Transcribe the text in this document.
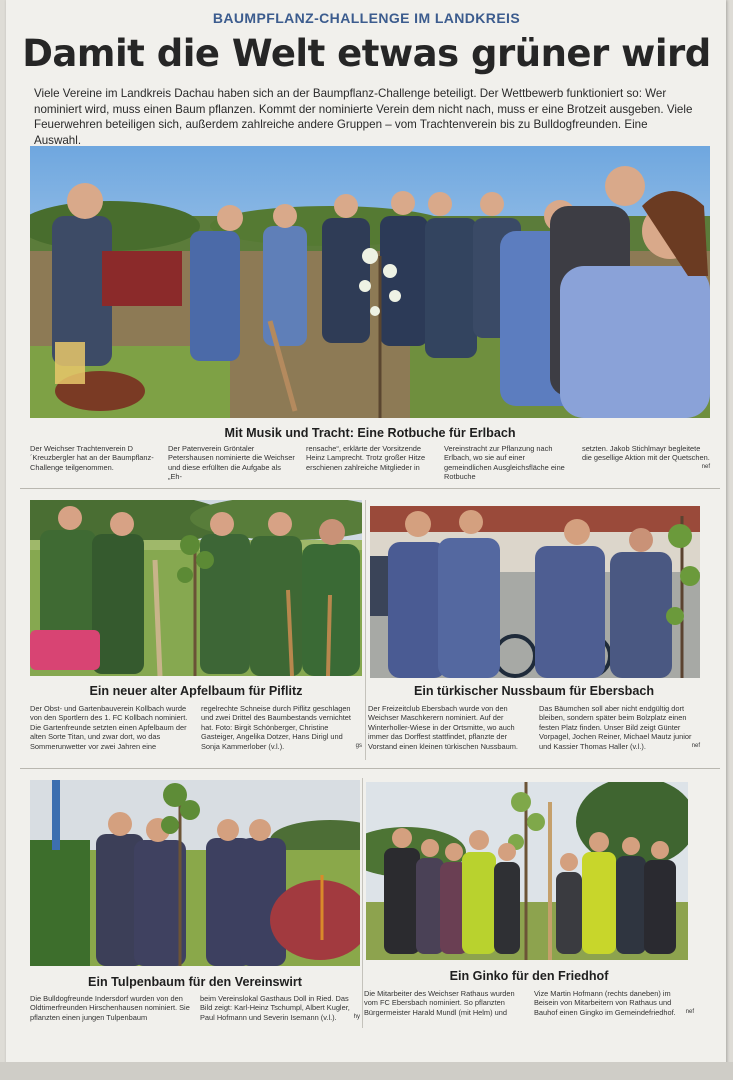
BAUMPFLANZ-CHALLENGE IM LANDKREIS
Damit die Welt etwas grüner wird
Viele Vereine im Landkreis Dachau haben sich an der Baumpflanz-Challenge beteiligt. Der Wettbewerb funktioniert so: Wer nominiert wird, muss einen Baum pflanzen. Kommt der nominierte Verein dem nicht nach, muss er eine Brotzeit ausgeben. Viele Feuerwehren beteiligen sich, außerdem zahlreiche andere Gruppen – vom Trachtenverein bis zu Bulldogfreunden. Eine Auswahl.
Mit Musik und Tracht: Eine Rotbuche für Erlbach
Der Weichser Trachtenverein D´Kreuzbergler hat an der Baumpflanz-Challenge teilgenommen.
Der Patenverein Gröntaler Petershausen nominierte die Weichser und diese erfüllten die Aufgabe als „Eh-
rensache“, erklärte der Vorsitzende Heinz Lamprecht. Trotz großer Hitze erschienen zahlreiche Mitglieder in
Vereinstracht zur Pflanzung nach Erlbach, wo sie auf einer gemeindlichen Ausgleichsfläche eine Rotbuche
setzten. Jakob Stichlmayr begleitete die gesellige Aktion mit der Quetschen.
nef
Ein neuer alter Apfelbaum für Piflitz
Der Obst- und Gartenbauverein Kollbach wurde von den Sportlern des 1. FC Kollbach nominiert. Die Gartenfreunde setzten einen Apfelbaum der alten Sorte Titan, und zwar dort, wo das Sommerunwetter vor zwei Jahren eine
regelrechte Schneise durch Piflitz geschlagen und zwei Drittel des Baumbestands vernichtet hat. Foto: Birgit Schönberger, Christine Gasteiger, Angelika Dotzer, Hans Dirigl und Sonja Kammerlober (v.l.).	gs
Ein türkischer Nussbaum für Ebersbach
Der Freizeitclub Ebersbach wurde von den Weichser Maschkerern nominiert. Auf der Winterholler-Wiese in der Ortsmitte, wo auch immer das Dorffest stattfindet, pflanzte der Vorstand einen kleinen türkischen Nussbaum.
Das Bäumchen soll aber nicht endgültig dort bleiben, sondern später beim Bolzplatz einen festen Platz finden. Unser Bild zeigt Günter Vorpagel, Jochen Reiner, Michael Mautz junior und Kassier Thomas Haller (v.l.).	nef
Ein Tulpenbaum für den Vereinswirt
Die Bulldogfreunde Indersdorf wurden von den Oldtimerfreunden Hirschenhausen nominiert. Sie pflanzten einen jungen Tulpenbaum
beim Vereinslokal Gasthaus Doll in Ried. Das Bild zeigt: Karl-Heinz Tschumpl, Albert Kugler, Paul Hofmann und Severin Isemann (v.l.).	hy
Ein Ginko für den Friedhof
Die Mitarbeiter des Weichser Rathaus wurden vom FC Ebersbach nominiert. So pflanzten Bürgermeister Harald Mundl (mit Helm) und
Vize Martin Hofmann (rechts daneben) im Beisein von Mitarbeitern von Rathaus und Bauhof einen Gingko im Gemeindefriedhof. nef
